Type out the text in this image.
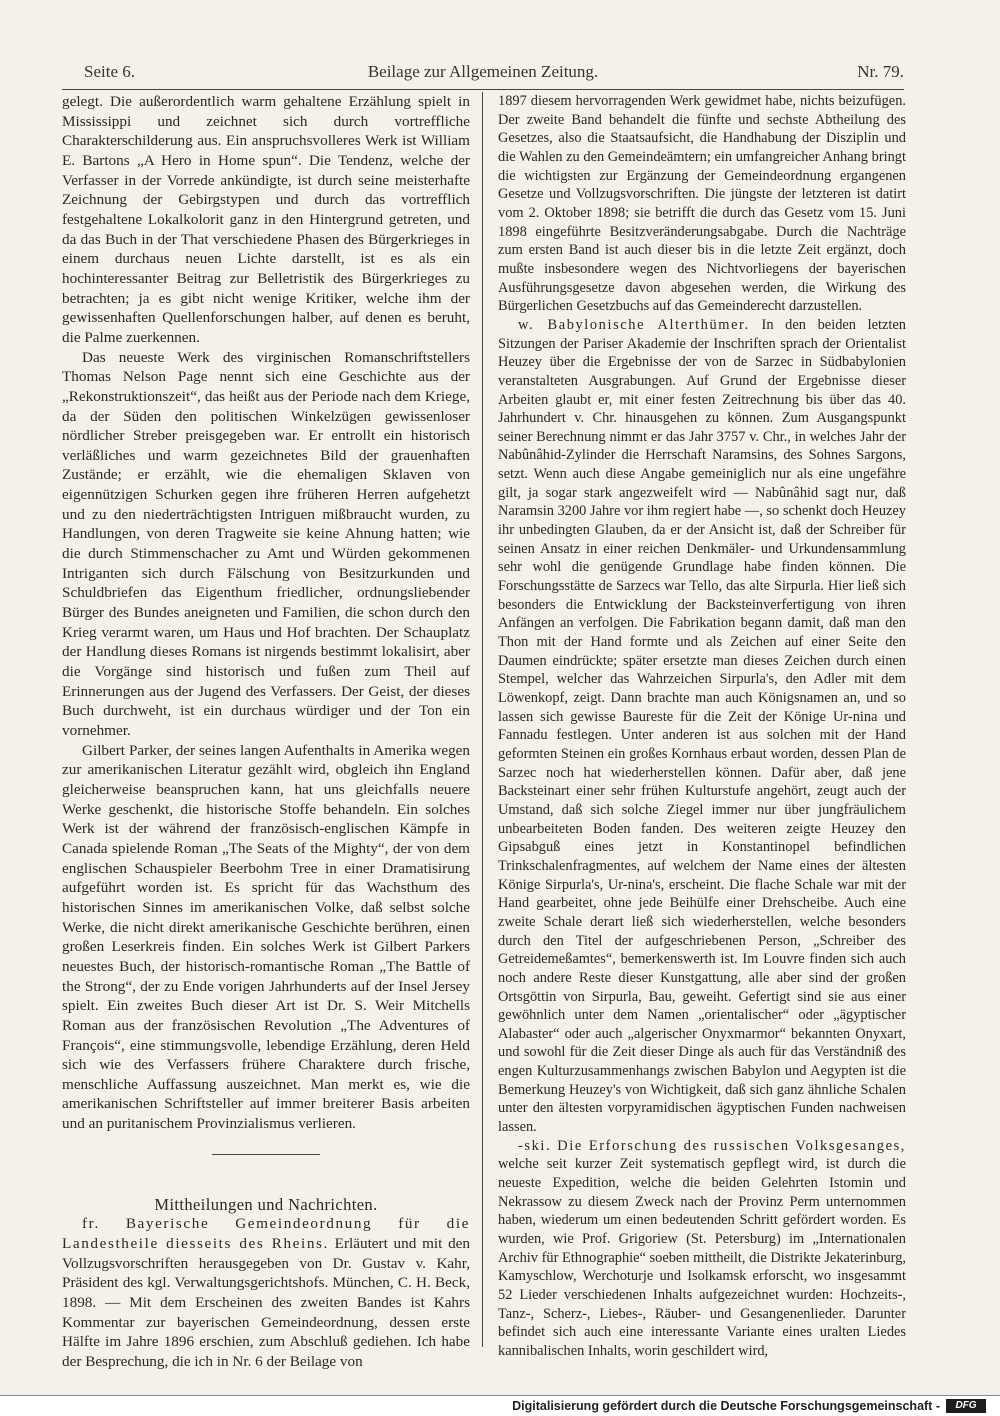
Seite 6.	Beilage zur Allgemeinen Zeitung.	Nr. 79.

gelegt. Die außerordentlich warm gehaltene Erzählung spielt in Mississippi und zeichnet sich durch vortreffliche Charakterschilderung aus. Ein anspruchsvolleres Werk ist William E. Bartons „A Hero in Home spun“. Die Tendenz, welche der Verfasser in der Vorrede ankündigte, ist durch seine meisterhafte Zeichnung der Gebirgstypen und durch das vortrefflich festgehaltene Lokalkolorit ganz in den Hintergrund getreten, und da das Buch in der That verschiedene Phasen des Bürgerkrieges in einem durchaus neuen Lichte darstellt, ist es als ein hochinteressanter Beitrag zur Belletristik des Bürgerkrieges zu betrachten; ja es gibt nicht wenige Kritiker, welche ihm der gewissenhaften Quellenforschungen halber, auf denen es beruht, die Palme zuerkennen.

Das neueste Werk des virginischen Romanschriftstellers Thomas Nelson Page nennt sich eine Geschichte aus der „Rekonstruktionszeit“, das heißt aus der Periode nach dem Kriege, da der Süden den politischen Winkelzügen gewissenloser nördlicher Streber preisgegeben war. Er entrollt ein historisch verläßliches und warm gezeichnetes Bild der grauenhaften Zustände; er erzählt, wie die ehemaligen Sklaven von eigennützigen Schurken gegen ihre früheren Herren aufgehetzt und zu den niederträchtigsten Intriguen mißbraucht wurden, zu Handlungen, von deren Tragweite sie keine Ahnung hatten; wie die durch Stimmenschacher zu Amt und Würden gekommenen Intriganten sich durch Fälschung von Besitzurkunden und Schuldbriefen das Eigenthum friedlicher, ordnungsliebender Bürger des Bundes aneigneten und Familien, die schon durch den Krieg verarmt waren, um Haus und Hof brachten. Der Schauplatz der Handlung dieses Romans ist nirgends bestimmt lokalisirt, aber die Vorgänge sind historisch und fußen zum Theil auf Erinnerungen aus der Jugend des Verfassers. Der Geist, der dieses Buch durchweht, ist ein durchaus würdiger und der Ton ein vornehmer.

Gilbert Parker, der seines langen Aufenthalts in Amerika wegen zur amerikanischen Literatur gezählt wird, obgleich ihn England gleicherweise beanspruchen kann, hat uns gleichfalls neuere Werke geschenkt, die historische Stoffe behandeln. Ein solches Werk ist der während der französisch-englischen Kämpfe in Canada spielende Roman „The Seats of the Mighty“, der von dem englischen Schauspieler Beerbohm Tree in einer Dramatisirung aufgeführt worden ist. Es spricht für das Wachsthum des historischen Sinnes im amerikanischen Volke, daß selbst solche Werke, die nicht direkt amerikanische Geschichte berühren, einen großen Leserkreis finden. Ein solches Werk ist Gilbert Parkers neuestes Buch, der historisch-romantische Roman „The Battle of the Strong“, der zu Ende vorigen Jahrhunderts auf der Insel Jersey spielt. Ein zweites Buch dieser Art ist Dr. S. Weir Mitchells Roman aus der französischen Revolution „The Adventures of François“, eine stimmungsvolle, lebendige Erzählung, deren Held sich wie des Verfassers frühere Charaktere durch frische, menschliche Auffassung auszeichnet. Man merkt es, wie die amerikanischen Schriftsteller auf immer breiterer Basis arbeiten und an puritanischem Provinzialismus verlieren.

Mittheilungen und Nachrichten.

fr. Bayerische Gemeindeordnung für die Landestheile diesseits des Rheins. Erläutert und mit den Vollzugsvorschriften herausgegeben von Dr. Gustav v. Kahr, Präsident des kgl. Verwaltungsgerichtshofs. München, C. H. Beck, 1898. — Mit dem Erscheinen des zweiten Bandes ist Kahrs Kommentar zur bayerischen Gemeindeordnung, dessen erste Hälfte im Jahre 1896 erschien, zum Abschluß gediehen. Ich habe der Besprechung, die ich in Nr. 6 der Beilage von

1897 diesem hervorragenden Werk gewidmet habe, nichts beizufügen. Der zweite Band behandelt die fünfte und sechste Abtheilung des Gesetzes, also die Staatsaufsicht, die Handhabung der Disziplin und die Wahlen zu den Gemeindeämtern; ein umfangreicher Anhang bringt die wichtigsten zur Ergänzung der Gemeindeordnung ergangenen Gesetze und Vollzugsvorschriften. Die jüngste der letzteren ist datirt vom 2. Oktober 1898; sie betrifft die durch das Gesetz vom 15. Juni 1898 eingeführte Besitzveränderungsabgabe. Durch die Nachträge zum ersten Band ist auch dieser bis in die letzte Zeit ergänzt, doch mußte insbesondere wegen des Nichtvorliegens der bayerischen Ausführungsgesetze davon abgesehen werden, die Wirkung des Bürgerlichen Gesetzbuchs auf das Gemeinderecht darzustellen.

w. Babylonische Alterthümer. In den beiden letzten Sitzungen der Pariser Akademie der Inschriften sprach der Orientalist Heuzey über die Ergebnisse der von de Sarzec in Südbabylonien veranstalteten Ausgrabungen. Auf Grund der Ergebnisse dieser Arbeiten glaubt er, mit einer festen Zeitrechnung bis über das 40. Jahrhundert v. Chr. hinausgehen zu können. Zum Ausgangspunkt seiner Berechnung nimmt er das Jahr 3757 v. Chr., in welches Jahr der Nabûnâhid-Zylinder die Herrschaft Naramsins, des Sohnes Sargons, setzt. Wenn auch diese Angabe gemeiniglich nur als eine ungefähre gilt, ja sogar stark angezweifelt wird — Nabûnâhid sagt nur, daß Naramsin 3200 Jahre vor ihm regiert habe —, so schenkt doch Heuzey ihr unbedingten Glauben, da er der Ansicht ist, daß der Schreiber für seinen Ansatz in einer reichen Denkmäler- und Urkundensammlung sehr wohl die genügende Grundlage habe finden können. Die Forschungsstätte de Sarzecs war Tello, das alte Sirpurla. Hier ließ sich besonders die Entwicklung der Backsteinverfertigung von ihren Anfängen an verfolgen. Die Fabrikation begann damit, daß man den Thon mit der Hand formte und als Zeichen auf einer Seite den Daumen eindrückte; später ersetzte man dieses Zeichen durch einen Stempel, welcher das Wahrzeichen Sirpurla's, den Adler mit dem Löwenkopf, zeigt. Dann brachte man auch Königsnamen an, und so lassen sich gewisse Baureste für die Zeit der Könige Ur-nina und Fannadu festlegen. Unter anderen ist aus solchen mit der Hand geformten Steinen ein großes Kornhaus erbaut worden, dessen Plan de Sarzec noch hat wiederherstellen können. Dafür aber, daß jene Backsteinart einer sehr frühen Kulturstufe angehört, zeugt auch der Umstand, daß sich solche Ziegel immer nur über jungfräulichem unbearbeiteten Boden fanden. Des weiteren zeigte Heuzey den Gipsabguß eines jetzt in Konstantinopel befindlichen Trinkschalenfragmentes, auf welchem der Name eines der ältesten Könige Sirpurla's, Ur-nina's, erscheint. Die flache Schale war mit der Hand gearbeitet, ohne jede Beihülfe einer Drehscheibe. Auch eine zweite Schale derart ließ sich wiederherstellen, welche besonders durch den Titel der aufgeschriebenen Person, „Schreiber des Getreidemeßamtes“, bemerkenswerth ist. Im Louvre finden sich auch noch andere Reste dieser Kunstgattung, alle aber sind der großen Ortsgöttin von Sirpurla, Bau, geweiht. Gefertigt sind sie aus einer gewöhnlich unter dem Namen „orientalischer“ oder „ägyptischer Alabaster“ oder auch „algerischer Onyxmarmor“ bekannten Onyxart, und sowohl für die Zeit dieser Dinge als auch für das Verständniß des engen Kulturzusammenhangs zwischen Babylon und Aegypten ist die Bemerkung Heuzey's von Wichtigkeit, daß sich ganz ähnliche Schalen unter den ältesten vorpyramidischen ägyptischen Funden nachweisen lassen.

-ski. Die Erforschung des russischen Volksgesanges, welche seit kurzer Zeit systematisch gepflegt wird, ist durch die neueste Expedition, welche die beiden Gelehrten Istomin und Nekrassow zu diesem Zweck nach der Provinz Perm unternommen haben, wiederum um einen bedeutenden Schritt gefördert worden. Es wurden, wie Prof. Grigoriew (St. Petersburg) im „Internationalen Archiv für Ethnographie“ soeben mittheilt, die Distrikte Jekaterinburg, Kamyschlow, Werchoturje und Isolkamsk erforscht, wo insgesammt 52 Lieder verschiedenen Inhalts aufgezeichnet wurden: Hochzeits-, Tanz-, Scherz-, Liebes-, Räuber- und Gesangenenlieder. Darunter befindet sich auch eine interessante Variante eines uralten Liedes kannibalischen Inhalts, worin geschildert wird,

Digitalisierung gefördert durch die Deutsche Forschungsgemeinschaft -	DFG
